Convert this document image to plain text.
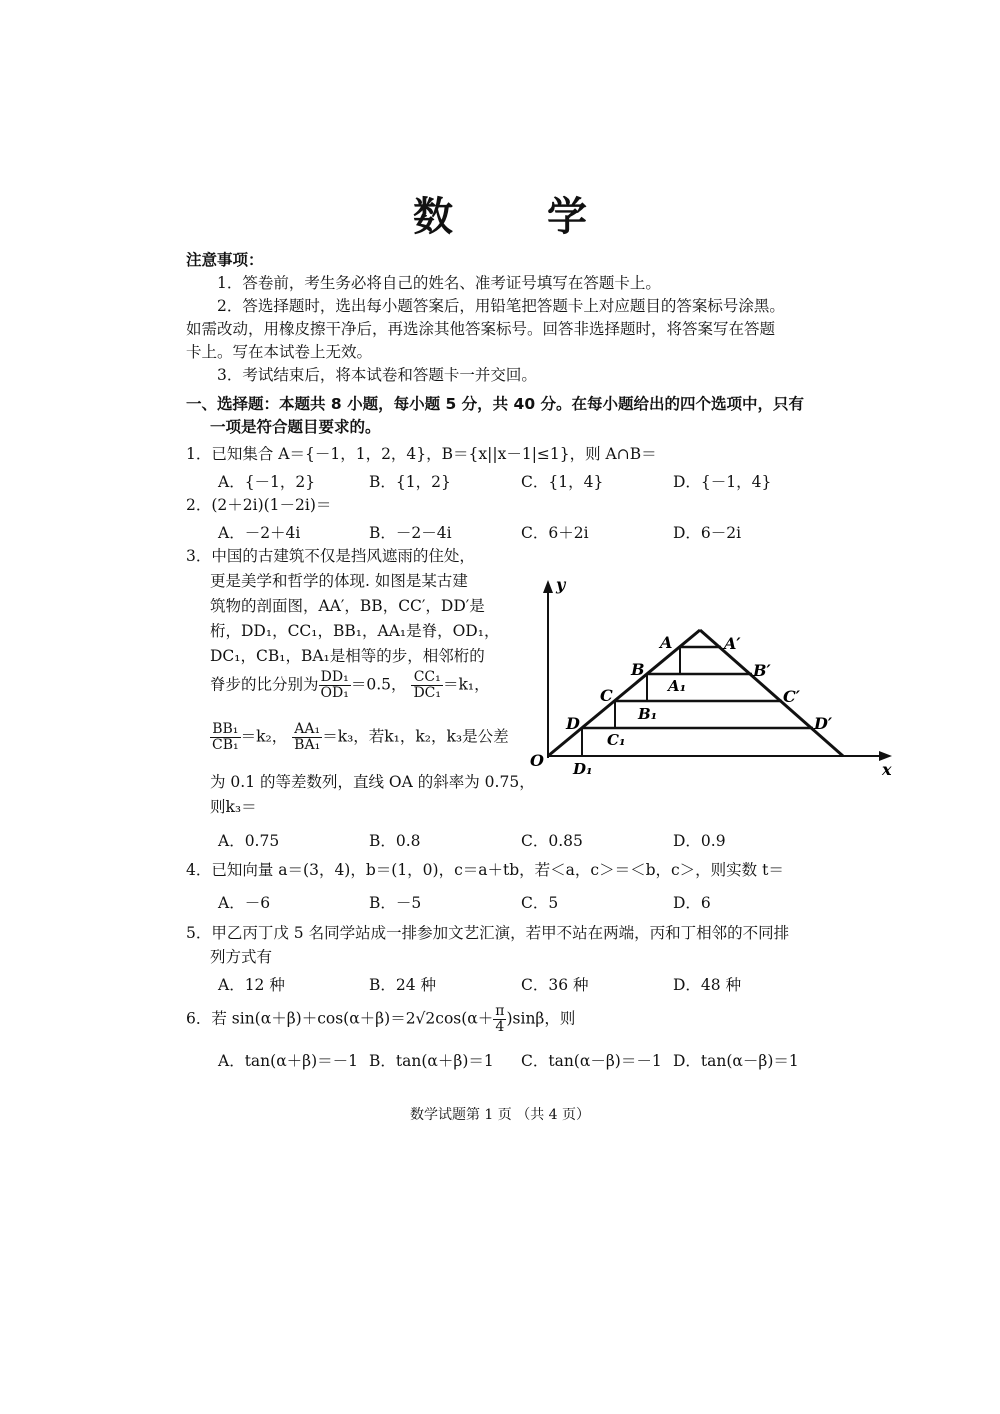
数 学
注意事项：
1．答卷前，考生务必将自己的姓名、准考证号填写在答题卡上。
2．答选择题时，选出每小题答案后，用铅笔把答题卡上对应题目的答案标号涂黑。
如需改动，用橡皮擦干净后，再选涂其他答案标号。回答非选择题时，将答案写在答题
卡上。写在本试卷上无效。
3．考试结束后，将本试卷和答题卡一并交回。
一、选择题：本题共 8 小题，每小题 5 分，共 40 分。在每小题给出的四个选项中，只有
一项是符合题目要求的。
1．已知集合 A＝{－1，1，2，4}，B＝{x||x－1|≤1}，则 A∩B＝
A．{－1，2}	B．{1，2}	C．{1，4}	D．{－1，4}
2．(2＋2i)(1－2i)＝
A．－2＋4i	B．－2－4i	C．6＋2i	D．6－2i
3．中国的古建筑不仅是挡风遮雨的住处，
更是美学和哲学的体现. 如图是某古建
筑物的剖面图，AA′，BB，CC′，DD′是
桁，DD₁，CC₁，BB₁，AA₁是脊，OD₁，
DC₁，CB₁，BA₁是相等的步，相邻桁的
脊步的比分别为 $\frac{\text{DD₁}}{\text{OD₁}} =0.5$， $\frac{\text{CC₁}}{\text{DC₁}} =k_1$，
$\frac{\text{BB₁}}{\text{CB₁}} =k_2$， $\frac{\text{AA₁}}{\text{BA₁}} =k_3$，若k₁，k₂，k₃是公差
为 0.1 的等差数列，直线 OA 的斜率为 0.75，
则k₃＝
y
x
O
A	A′
B	B′
C	C′
D	D′
A₁
B₁
C₁
D₁
A．0.75	B．0.8	C．0.85	D．0.9
4．已知向量 a＝(3，4)，b＝(1，0)，c＝a＋tb，若＜a，c＞＝＜b，c＞，则实数 t＝
A．－6	B．－5	C．5	D．6
5．甲乙丙丁戊 5 名同学站成一排参加文艺汇演，若甲不站在两端，丙和丁相邻的不同排
列方式有
A．12 种	B．24 种	C．36 种	D．48 种
6．若 $\sin(\alpha+\beta)+\cos(\alpha+\beta)=2√2\cos(\alpha+ \frac{\pi}{4} )\sin\beta$，则
A．tan(α＋β)＝－1 B．tan(α＋β)＝1 C．tan(α－β)＝－1 D．tan(α－β)＝1
数学试题第 1 页 （共 4 页）
